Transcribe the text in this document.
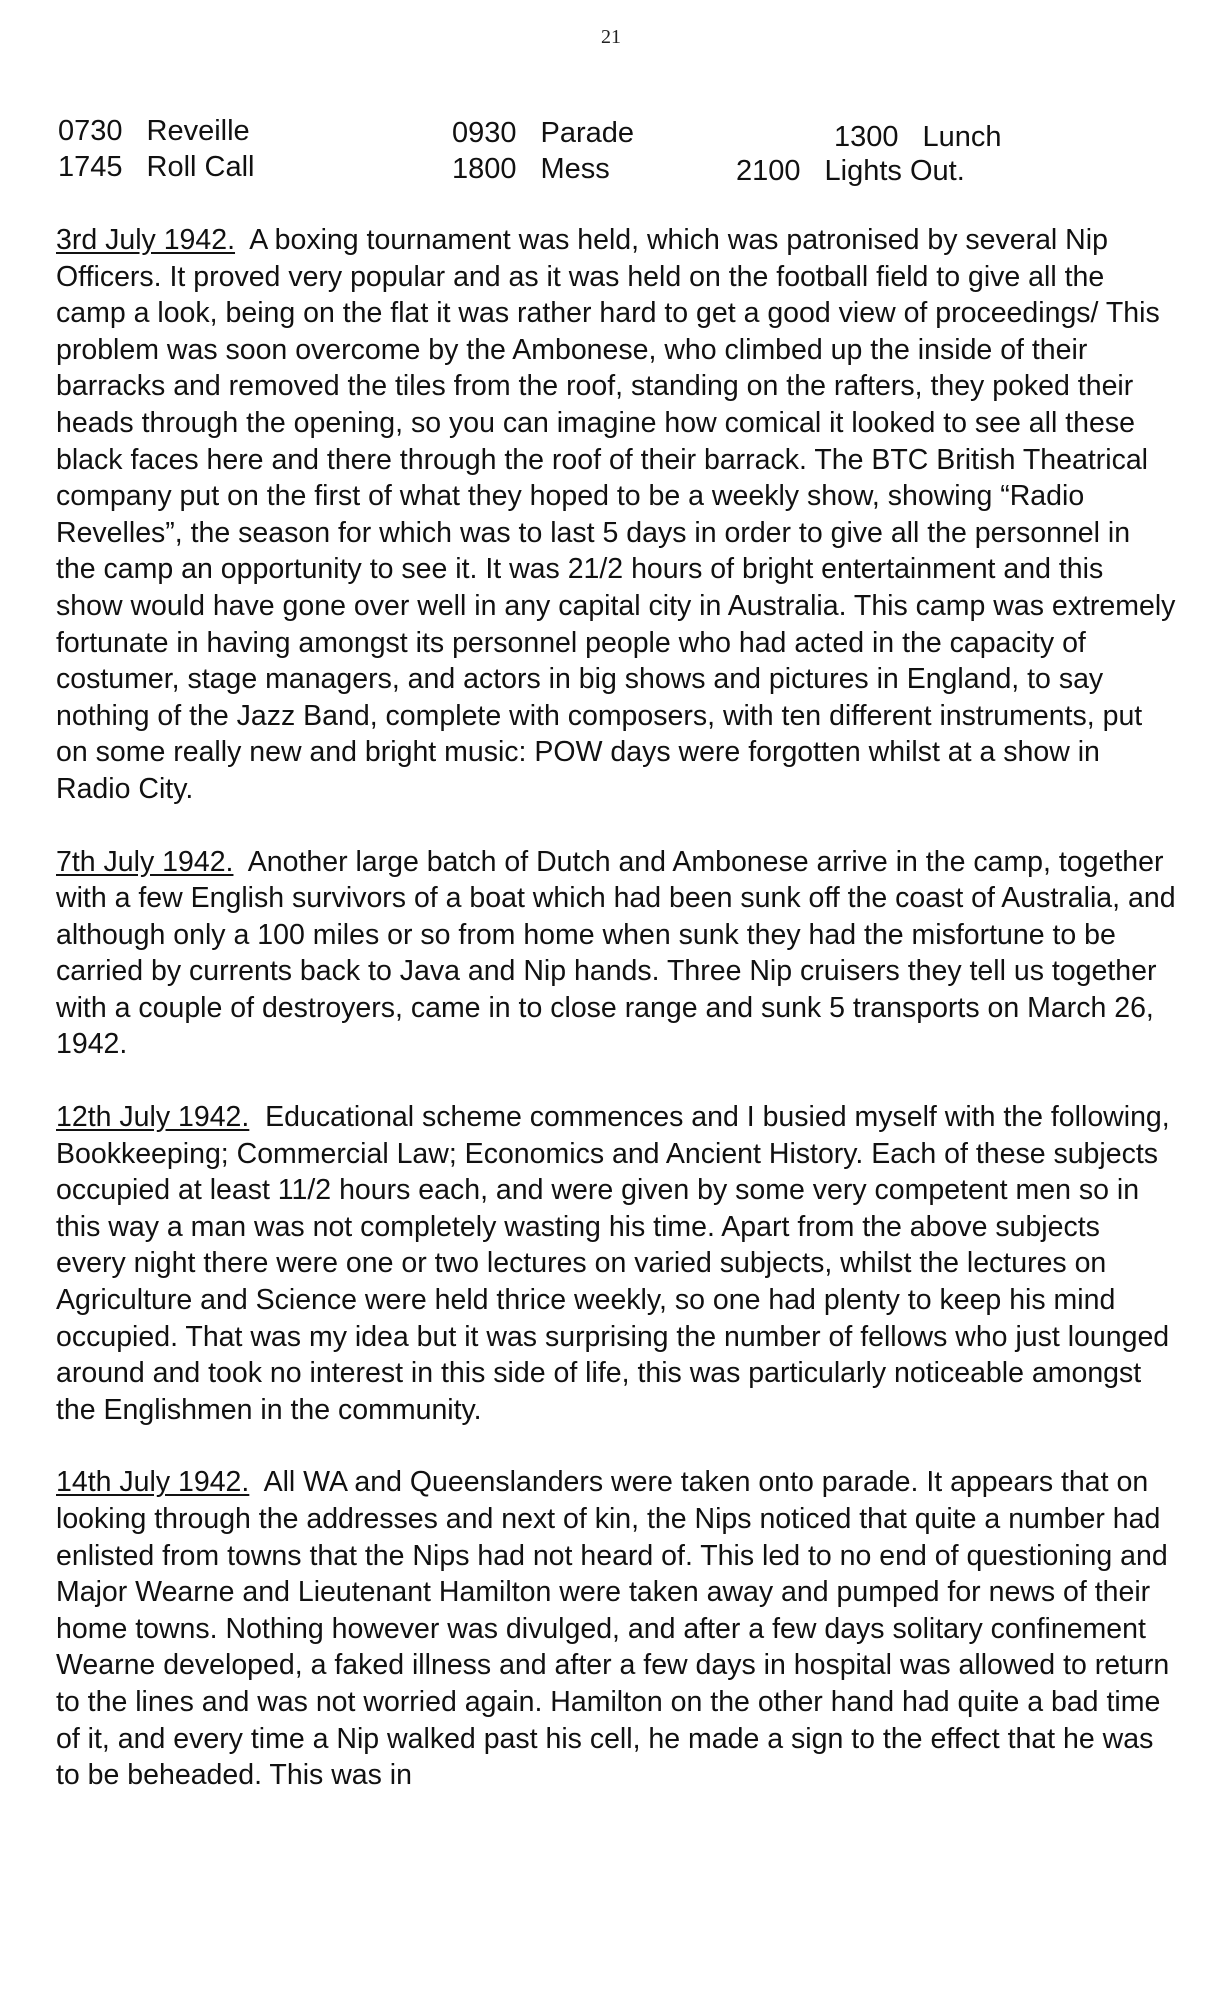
21
0730 Reveille	0930 Parade	1300 Lunch
1745 Roll Call	1800 Mess	2100 Lights Out.

3rd July 1942. A boxing tournament was held, which was patronised by several Nip Officers. It proved very popular and as it was held on the football field to give all the camp a look, being on the flat it was rather hard to get a good view of proceedings/ This problem was soon overcome by the Ambonese, who climbed up the inside of their barracks and removed the tiles from the roof, standing on the rafters, they poked their heads through the opening, so you can imagine how comical it looked to see all these black faces here and there through the roof of their barrack. The BTC British Theatrical company put on the first of what they hoped to be a weekly show, showing “Radio Revelles”, the season for which was to last 5 days in order to give all the personnel in the camp an opportunity to see it. It was 21/2 hours of bright entertainment and this show would have gone over well in any capital city in Australia. This camp was extremely fortunate in having amongst its personnel people who had acted in the capacity of costumer, stage managers, and actors in big shows and pictures in England, to say nothing of the Jazz Band, complete with composers, with ten different instruments, put on some really new and bright music: POW days were forgotten whilst at a show in Radio City.

7th July 1942. Another large batch of Dutch and Ambonese arrive in the camp, together with a few English survivors of a boat which had been sunk off the coast of Australia, and although only a 100 miles or so from home when sunk they had the misfortune to be carried by currents back to Java and Nip hands. Three Nip cruisers they tell us together with a couple of destroyers, came in to close range and sunk 5 transports on March 26, 1942.

12th July 1942. Educational scheme commences and I busied myself with the following, Bookkeeping; Commercial Law; Economics and Ancient History. Each of these subjects occupied at least 11/2 hours each, and were given by some very competent men so in this way a man was not completely wasting his time. Apart from the above subjects every night there were one or two lectures on varied subjects, whilst the lectures on Agriculture and Science were held thrice weekly, so one had plenty to keep his mind occupied. That was my idea but it was surprising the number of fellows who just lounged around and took no interest in this side of life, this was particularly noticeable amongst the Englishmen in the community.

14th July 1942. All WA and Queenslanders were taken onto parade. It appears that on looking through the addresses and next of kin, the Nips noticed that quite a number had enlisted from towns that the Nips had not heard of. This led to no end of questioning and Major Wearne and Lieutenant Hamilton were taken away and pumped for news of their home towns. Nothing however was divulged, and after a few days solitary confinement Wearne developed, a faked illness and after a few days in hospital was allowed to return to the lines and was not worried again. Hamilton on the other hand had quite a bad time of it, and every time a Nip walked past his cell, he made a sign to the effect that he was to be beheaded. This was in
